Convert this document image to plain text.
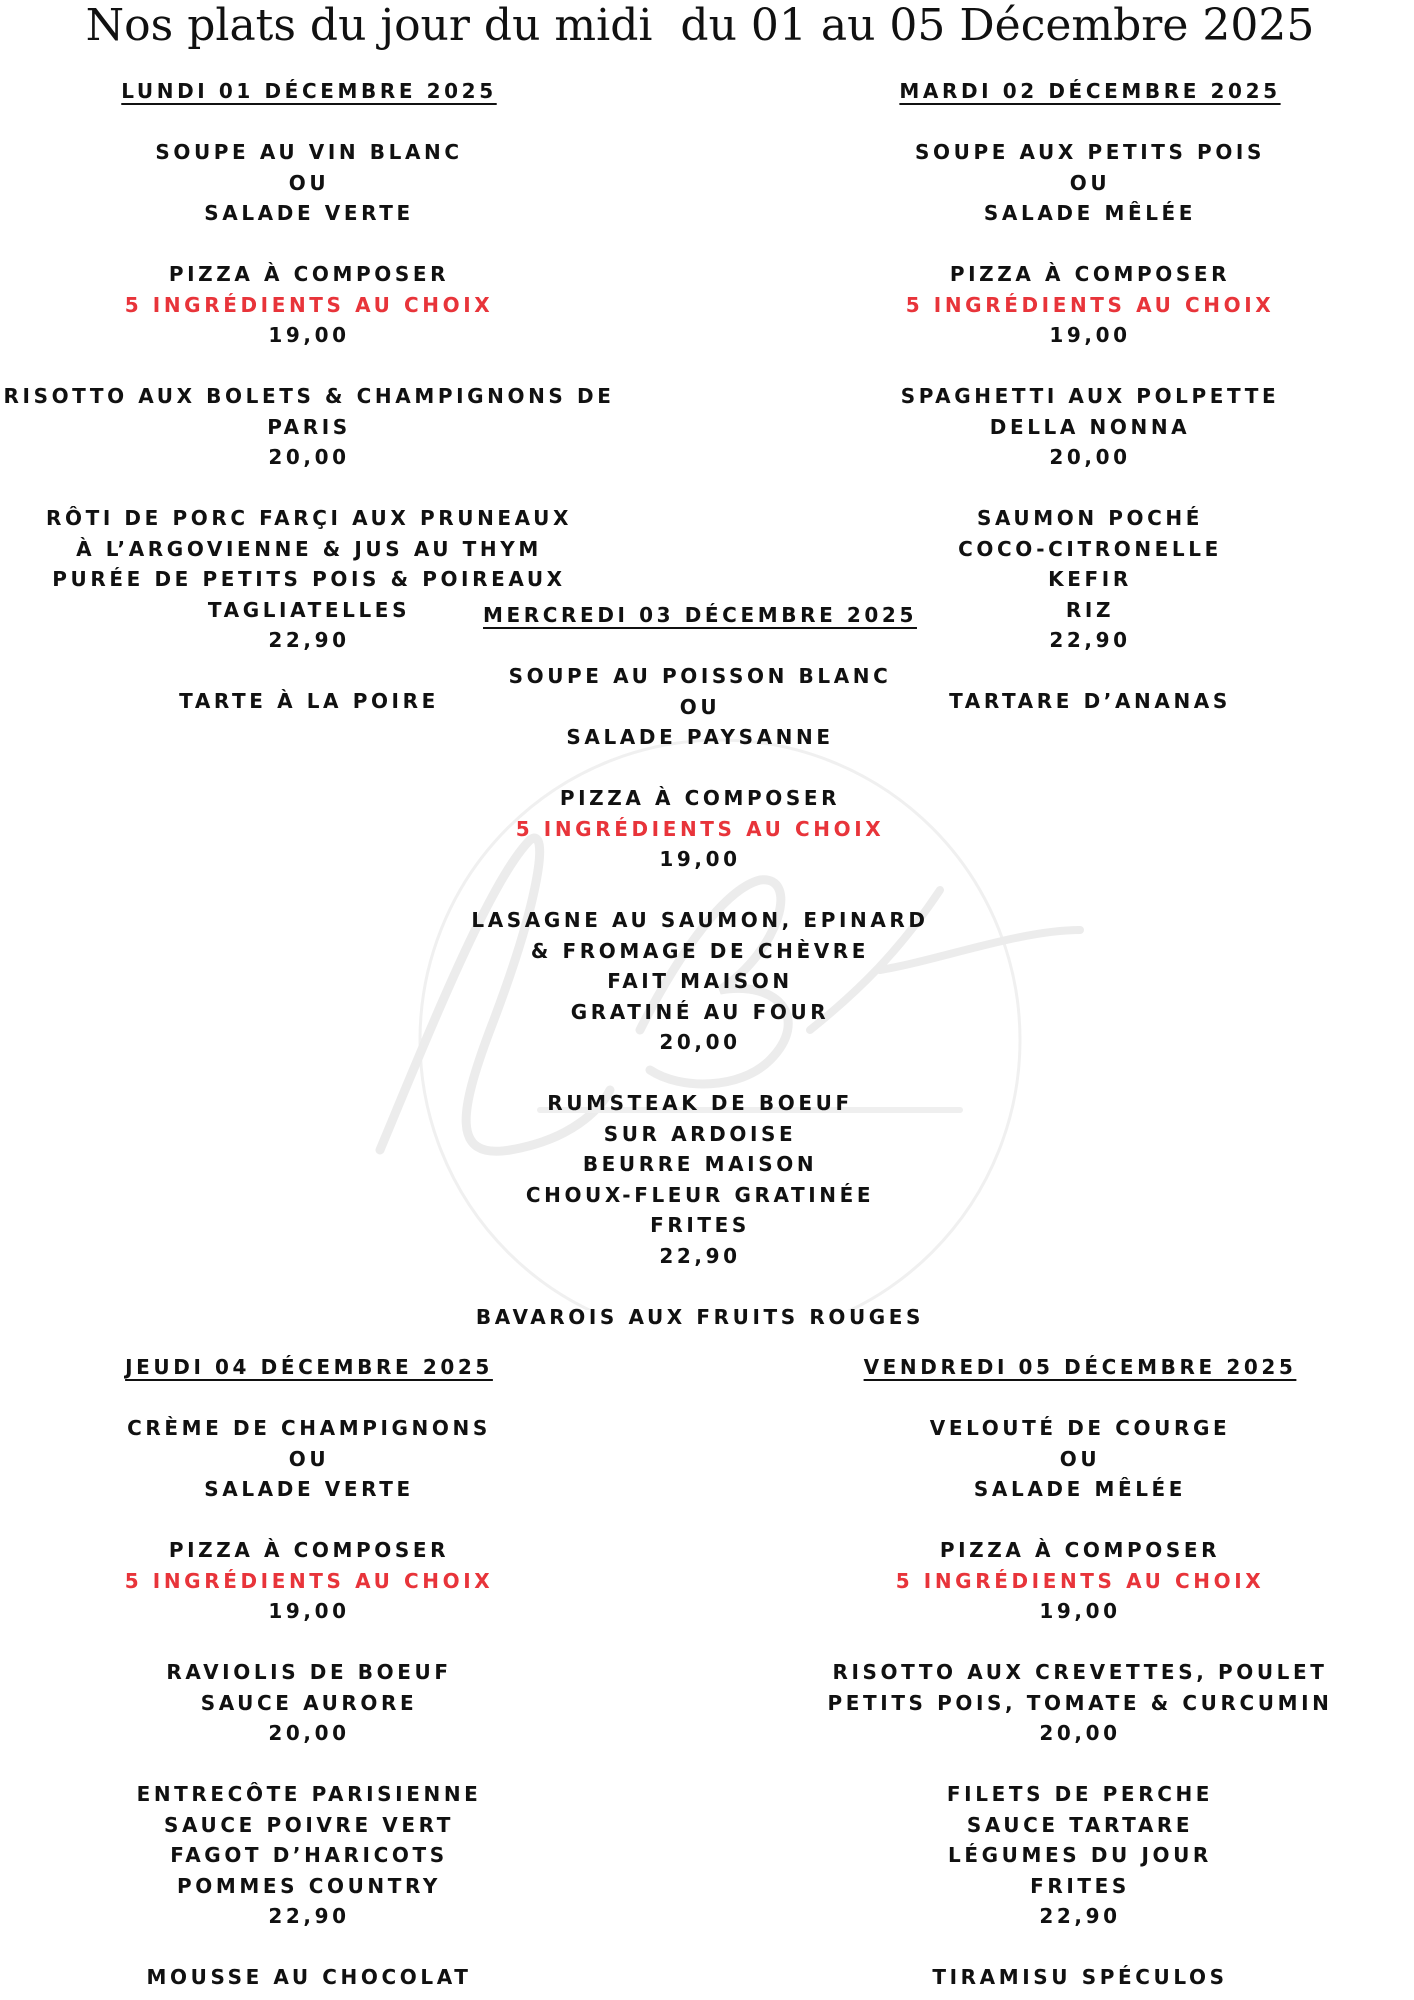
Nos plats du jour du midi  du 01 au 05 Décembre 2025

LUNDI 01 DÉCEMBRE 2025

SOUPE AU VIN BLANC

OU

SALADE VERTE

PIZZA À COMPOSER

5 INGRÉDIENTS AU CHOIX

19,00

RISOTTO AUX BOLETS & CHAMPIGNONS DE

PARIS

20,00

RÔTI DE PORC FARÇI AUX PRUNEAUX

À L’ARGOVIENNE & JUS AU THYM

PURÉE DE PETITS POIS & POIREAUX

TAGLIATELLES

22,90

TARTE À LA POIRE

MARDI 02 DÉCEMBRE 2025

SOUPE AUX PETITS POIS

OU

SALADE MÊLÉE

PIZZA À COMPOSER

5 INGRÉDIENTS AU CHOIX

19,00

SPAGHETTI AUX POLPETTE

DELLA NONNA

20,00

SAUMON POCHÉ

COCO-CITRONELLE

KEFIR

RIZ

22,90

TARTARE D’ANANAS

MERCREDI 03 DÉCEMBRE 2025

SOUPE AU POISSON BLANC

OU

SALADE PAYSANNE

PIZZA À COMPOSER

5 INGRÉDIENTS AU CHOIX

19,00

LASAGNE AU SAUMON, EPINARD

& FROMAGE DE CHÈVRE

FAIT MAISON

GRATINÉ AU FOUR

20,00

RUMSTEAK DE BOEUF

SUR ARDOISE

BEURRE MAISON

CHOUX-FLEUR GRATINÉE

FRITES

22,90

BAVAROIS AUX FRUITS ROUGES

JEUDI 04 DÉCEMBRE 2025

CRÈME DE CHAMPIGNONS

OU

SALADE VERTE

PIZZA À COMPOSER

5 INGRÉDIENTS AU CHOIX

19,00

RAVIOLIS DE BOEUF

SAUCE AURORE

20,00

ENTRECÔTE PARISIENNE

SAUCE POIVRE VERT

FAGOT D’HARICOTS

POMMES COUNTRY

22,90

MOUSSE AU CHOCOLAT

VENDREDI 05 DÉCEMBRE 2025

VELOUTÉ DE COURGE

OU

SALADE MÊLÉE

PIZZA À COMPOSER

5 INGRÉDIENTS AU CHOIX

19,00

RISOTTO AUX CREVETTES, POULET

PETITS POIS, TOMATE & CURCUMIN

20,00

FILETS DE PERCHE

SAUCE TARTARE

LÉGUMES DU JOUR

FRITES

22,90

TIRAMISU SPÉCULOS
